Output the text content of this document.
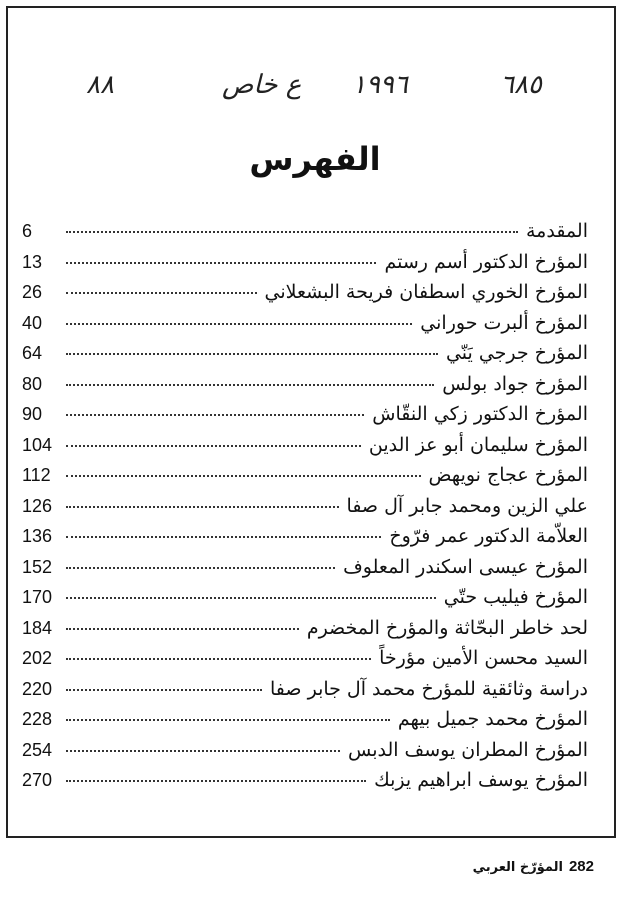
٨٨	ع خاص ١٩٩٦	٦٨٥
الفهرس
المقدمة
6
المؤرخ الدكتور أسم رستم
13
المؤرخ الخوري اسطفان فريحة البشعلاني
26
المؤرخ ألبرت حوراني
40
المؤرخ جرجي يَنّي
64
المؤرخ جواد بولس
80
المؤرخ الدكتور زكي النقّاش
90
المؤرخ سليمان أبو عز الدين
104
المؤرخ عجاج نويهض
112
علي الزين ومحمد جابر آل صفا
126
العلاّمة الدكتور عمر فرّوخ
136
المؤرخ عيسى اسكندر المعلوف
152
المؤرخ فيليب حتّي
170
لحد خاطر البحّاثة والمؤرخ المخضرم
184
السيد محسن الأمين مؤرخاً
202
دراسة وثائقية للمؤرخ محمد آل جابر صفا
220
المؤرخ محمد جميل بيهم
228
المؤرخ المطران يوسف الدبس
254
المؤرخ يوسف ابراهيم يزبك
270
282
المؤرّخ العربي
